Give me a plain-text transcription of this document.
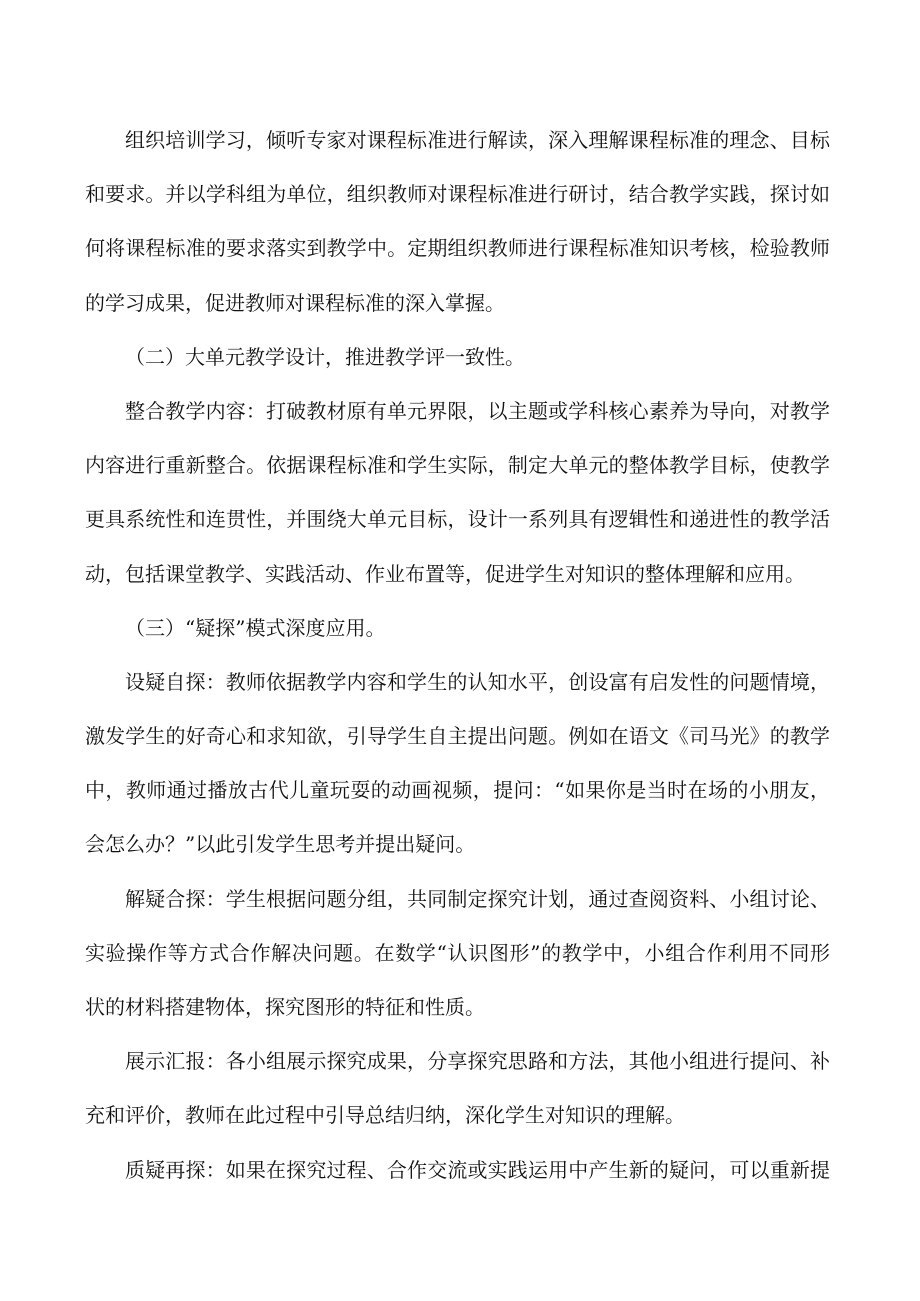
组织培训学习，倾听专家对课程标准进行解读，深入理解课程标准的理念、目标
和要求。并以学科组为单位，组织教师对课程标准进行研讨，结合教学实践，探讨如
何将课程标准的要求落实到教学中。定期组织教师进行课程标准知识考核，检验教师
的学习成果，促进教师对课程标准的深入掌握。
（二）大单元教学设计，推进教学评一致性。
整合教学内容：打破教材原有单元界限，以主题或学科核心素养为导向，对教学
内容进行重新整合。依据课程标准和学生实际，制定大单元的整体教学目标，使教学
更具系统性和连贯性，并围绕大单元目标，设计一系列具有逻辑性和递进性的教学活
动，包括课堂教学、实践活动、作业布置等，促进学生对知识的整体理解和应用。
（三）“疑探”模式深度应用。
设疑自探：教师依据教学内容和学生的认知水平，创设富有启发性的问题情境，
激发学生的好奇心和求知欲，引导学生自主提出问题。例如在语文《司马光》的教学
中，教师通过播放古代儿童玩耍的动画视频，提问：“如果你是当时在场的小朋友，
会怎么办？”以此引发学生思考并提出疑问。
解疑合探：学生根据问题分组，共同制定探究计划，通过查阅资料、小组讨论、
实验操作等方式合作解决问题。在数学“认识图形”的教学中，小组合作利用不同形
状的材料搭建物体，探究图形的特征和性质。
展示汇报：各小组展示探究成果，分享探究思路和方法，其他小组进行提问、补
充和评价，教师在此过程中引导总结归纳，深化学生对知识的理解。
质疑再探：如果在探究过程、合作交流或实践运用中产生新的疑问，可以重新提
